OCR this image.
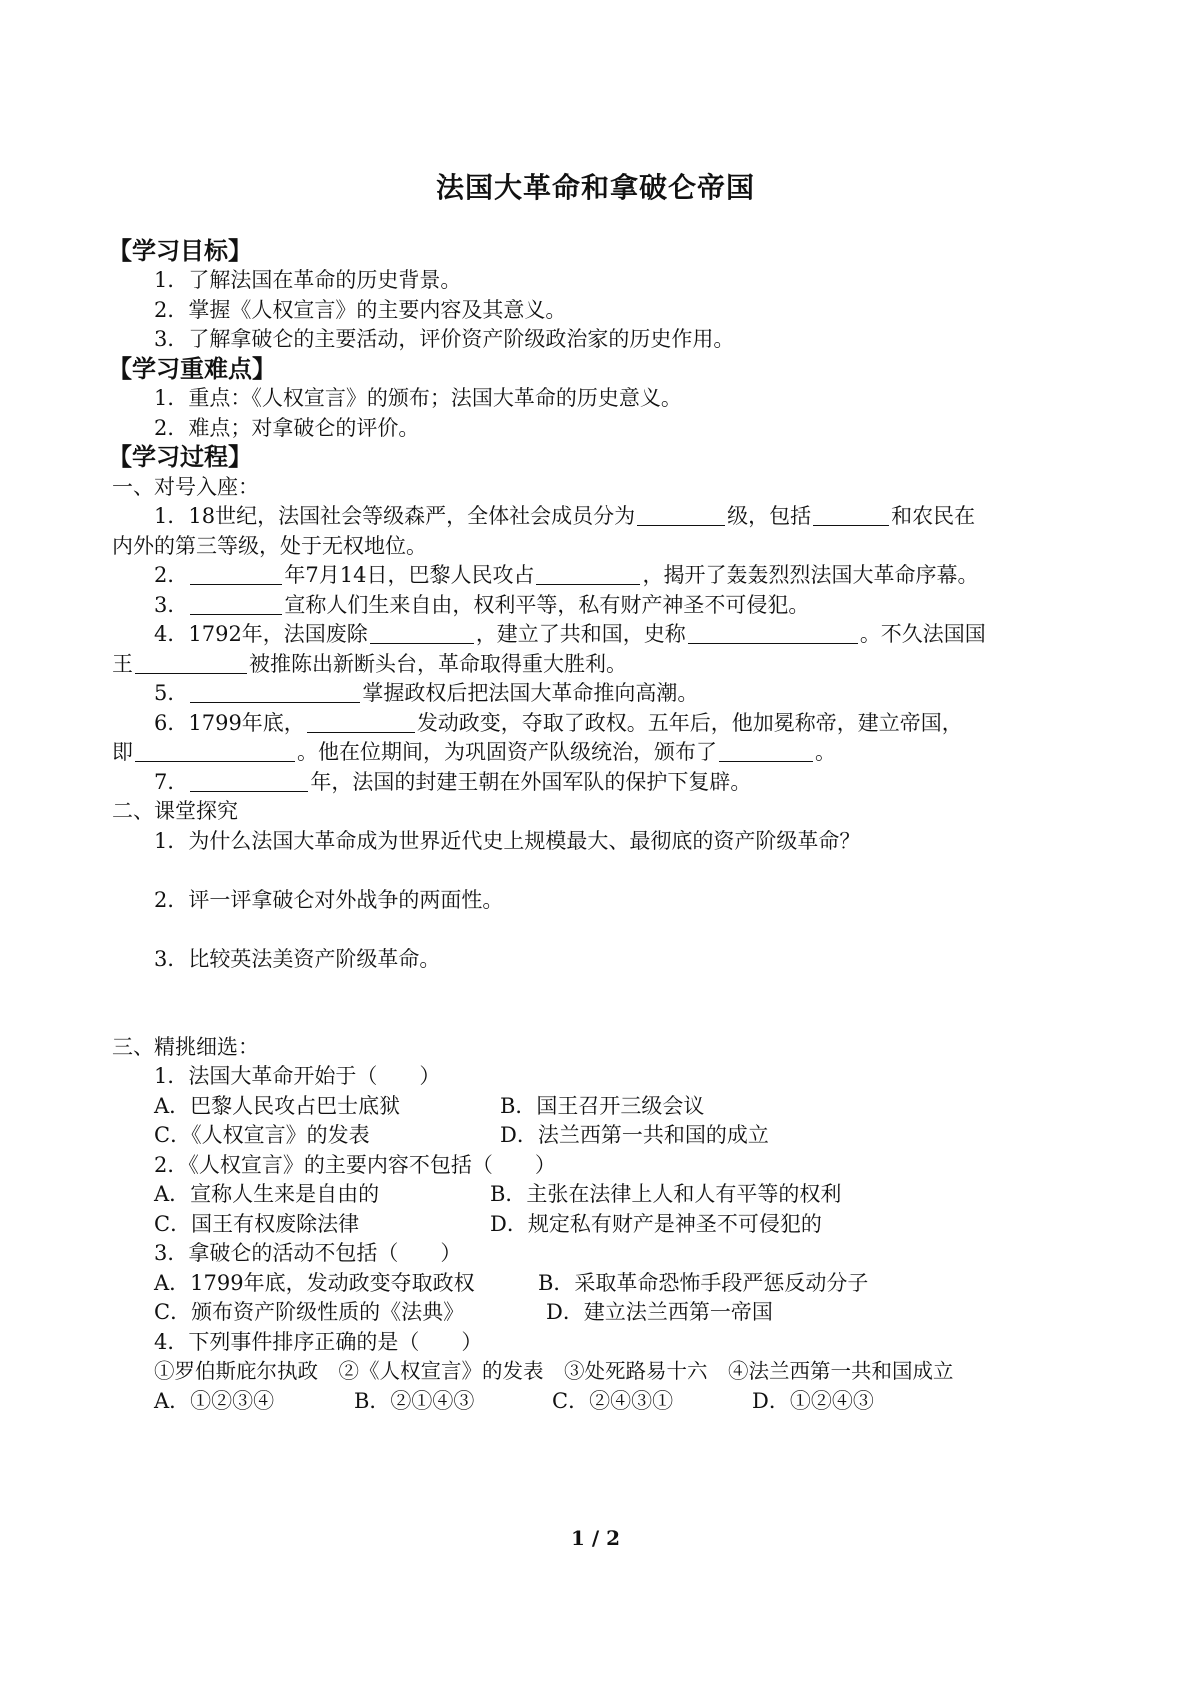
法国大革命和拿破仑帝国
【学习目标】
1．了解法国在革命的历史背景。
2．掌握《人权宣言》的主要内容及其意义。
3．了解拿破仑的主要活动，评价资产阶级政治家的历史作用。
【学习重难点】
1．重点：《人权宣言》的颁布；法国大革命的历史意义。
2．难点；对拿破仑的评价。
【学习过程】
一、对号入座：
1．18世纪，法国社会等级森严，全体社会成员分为	级，包括	和农民在
内外的第三等级，处于无权地位。
2．	年7月14日，巴黎人民攻占	，揭开了轰轰烈烈法国大革命序幕。
3．	宣称人们生来自由，权利平等，私有财产神圣不可侵犯。
4．1792年，法国废除	，建立了共和国，史称	。不久法国国
王	被推陈出新断头台，革命取得重大胜利。
5．	掌握政权后把法国大革命推向高潮。
6．1799年底，	发动政变，夺取了政权。五年后，他加冕称帝，建立帝国，
即	。他在位期间，为巩固资产队级统治，颁布了	。
7．	年，法国的封建王朝在外国军队的保护下复辟。
二、课堂探究
1．为什么法国大革命成为世界近代史上规模最大、最彻底的资产阶级革命？
2．评一评拿破仑对外战争的两面性。
3．比较英法美资产阶级革命。
三、精挑细选：
1．法国大革命开始于（　　）
A．巴黎人民攻占巴士底狱	B．国王召开三级会议
C．《人权宣言》的发表	D．法兰西第一共和国的成立
2．《人权宣言》的主要内容不包括（　　）
A．宣称人生来是自由的	B．主张在法律上人和人有平等的权利
C．国王有权废除法律	D．规定私有财产是神圣不可侵犯的
3．拿破仑的活动不包括（　　）
A．1799年底，发动政变夺取政权	B．采取革命恐怖手段严惩反动分子
C．颁布资产阶级性质的《法典》	D．建立法兰西第一帝国
4．下列事件排序正确的是（　　）
①罗伯斯庇尔执政　②《人权宣言》的发表　③处死路易十六　④法兰西第一共和国成立
A．①②③④	B．②①④③	C．②④③①	D．①②④③
1 / 2
